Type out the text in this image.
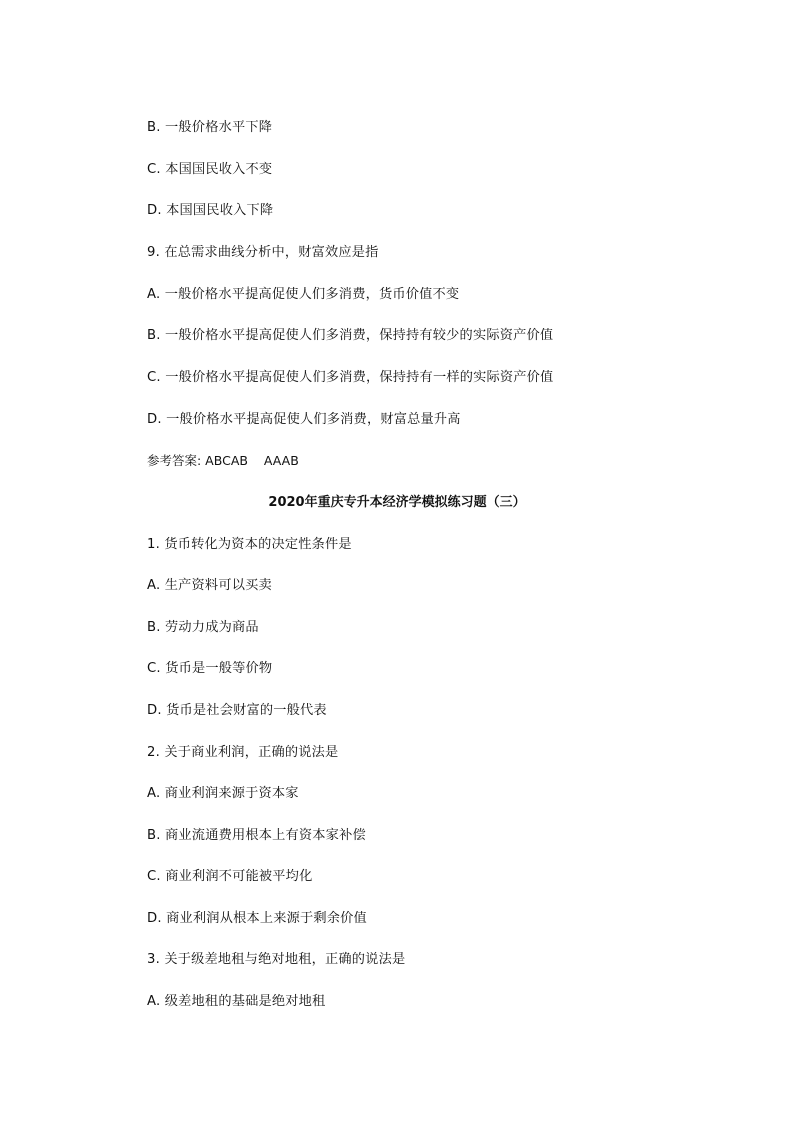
B. 一般价格水平下降
C. 本国国民收入不变
D. 本国国民收入下降
9. 在总需求曲线分析中，财富效应是指
A. 一般价格水平提高促使人们多消费，货币价值不变
B. 一般价格水平提高促使人们多消费，保持持有较少的实际资产价值
C. 一般价格水平提高促使人们多消费，保持持有一样的实际资产价值
D. 一般价格水平提高促使人们多消费，财富总量升高
参考答案: ABCAB    AAAB
2020年重庆专升本经济学模拟练习题（三）
1. 货币转化为资本的决定性条件是
A. 生产资料可以买卖
B. 劳动力成为商品
C. 货币是一般等价物
D. 货币是社会财富的一般代表
2. 关于商业利润，正确的说法是
A. 商业利润来源于资本家
B. 商业流通费用根本上有资本家补偿
C. 商业利润不可能被平均化
D. 商业利润从根本上来源于剩余价值
3. 关于级差地租与绝对地租，正确的说法是
A. 级差地租的基础是绝对地租
